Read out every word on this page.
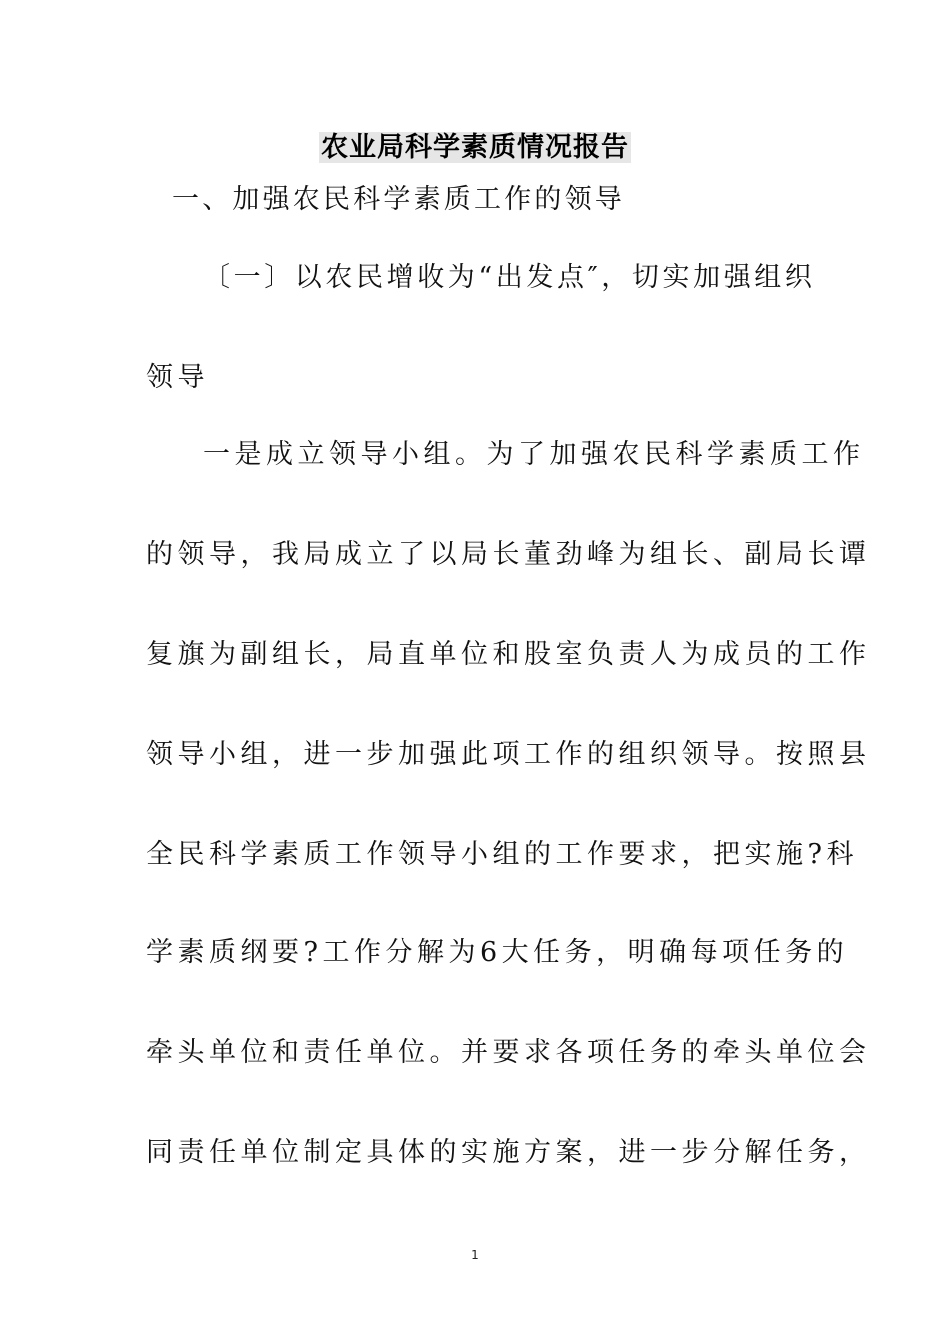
农业局科学素质情况报告
一、加强农民科学素质工作的领导
〔一〕以农民增收为“出发点″，切实加强组织
领导
一是成立领导小组。为了加强农民科学素质工作
的领导，我局成立了以局长董劲峰为组长、副局长谭
复旗为副组长，局直单位和股室负责人为成员的工作
领导小组，进一步加强此项工作的组织领导。按照县
全民科学素质工作领导小组的工作要求，把实施?科
学素质纲要?工作分解为6大任务，明确每项任务的
牵头单位和责任单位。并要求各项任务的牵头单位会
同责任单位制定具体的实施方案，进一步分解任务，
1
